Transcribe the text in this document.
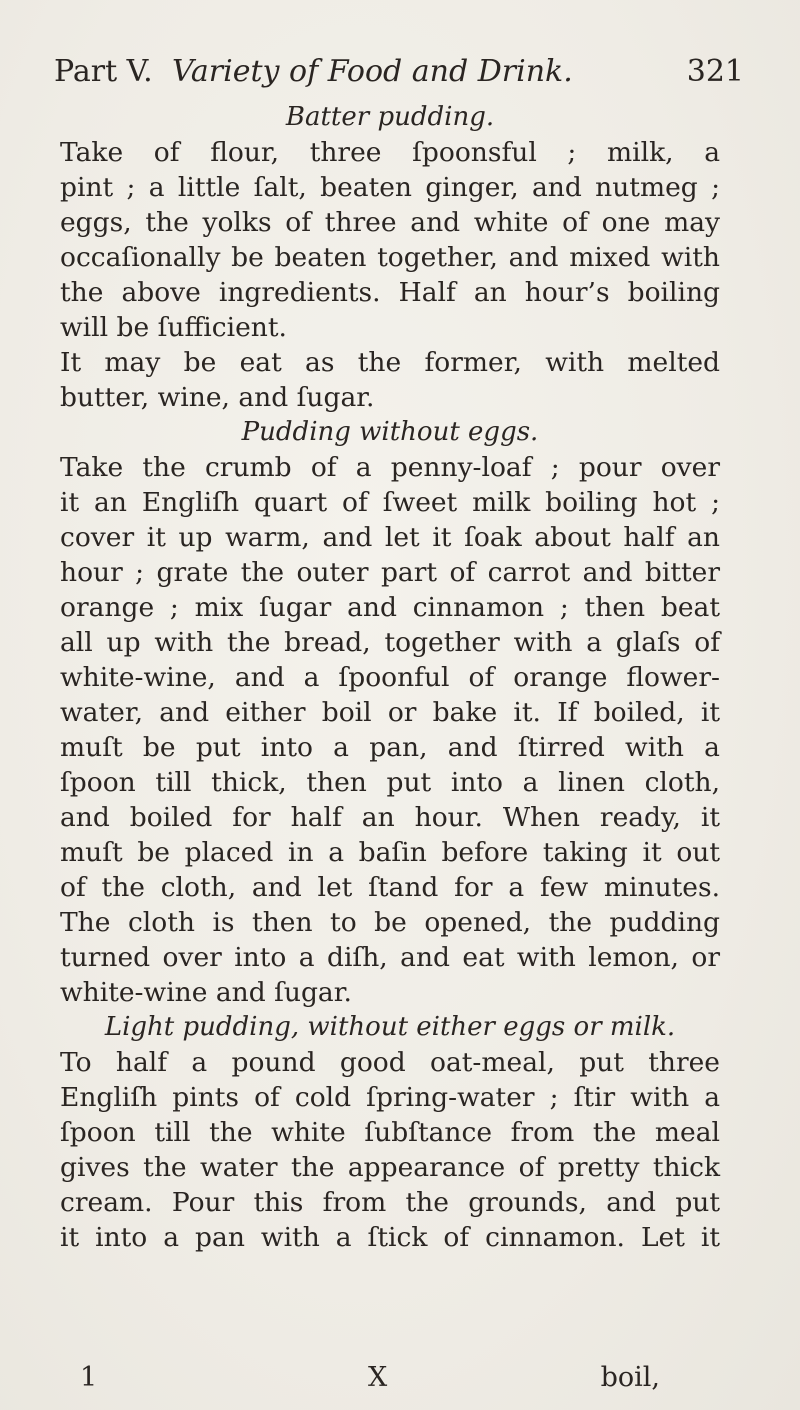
Part V. Variety of Food and Drink.	321
Batter pudding.
Take of flour, three ſpoonsful ; milk, a
pint ; a little ſalt, beaten ginger, and nutmeg ;
eggs, the yolks of three and white of one may
occaſionally be beaten together, and mixed with
the above ingredients. Half an hour’s boiling
will be ſufficient.
It may be eat as the former, with melted
butter, wine, and ſugar.
Pudding without eggs.
Take the crumb of a penny-loaf ; pour over
it an Engliſh quart of ſweet milk boiling hot ;
cover it up warm, and let it ſoak about half an
hour ; grate the outer part of carrot and bitter
orange ; mix ſugar and cinnamon ; then beat
all up with the bread, together with a glaſs of
white-wine, and a ſpoonful of orange flower-
water, and either boil or bake it. If boiled, it
muſt be put into a pan, and ſtirred with a
ſpoon till thick, then put into a linen cloth,
and boiled for half an hour. When ready, it
muſt be placed in a baſin before taking it out
of the cloth, and let ſtand for a few minutes.
The cloth is then to be opened, the pudding
turned over into a diſh, and eat with lemon, or
white-wine and ſugar.
Light pudding, without either eggs or milk.
To half a pound good oat-meal, put three
Engliſh pints of cold ſpring-water ; ſtir with a
ſpoon till the white ſubſtance from the meal
gives the water the appearance of pretty thick
cream. Pour this from the grounds, and put
it into a pan with a ſtick of cinnamon. Let it
1	X	boil,
